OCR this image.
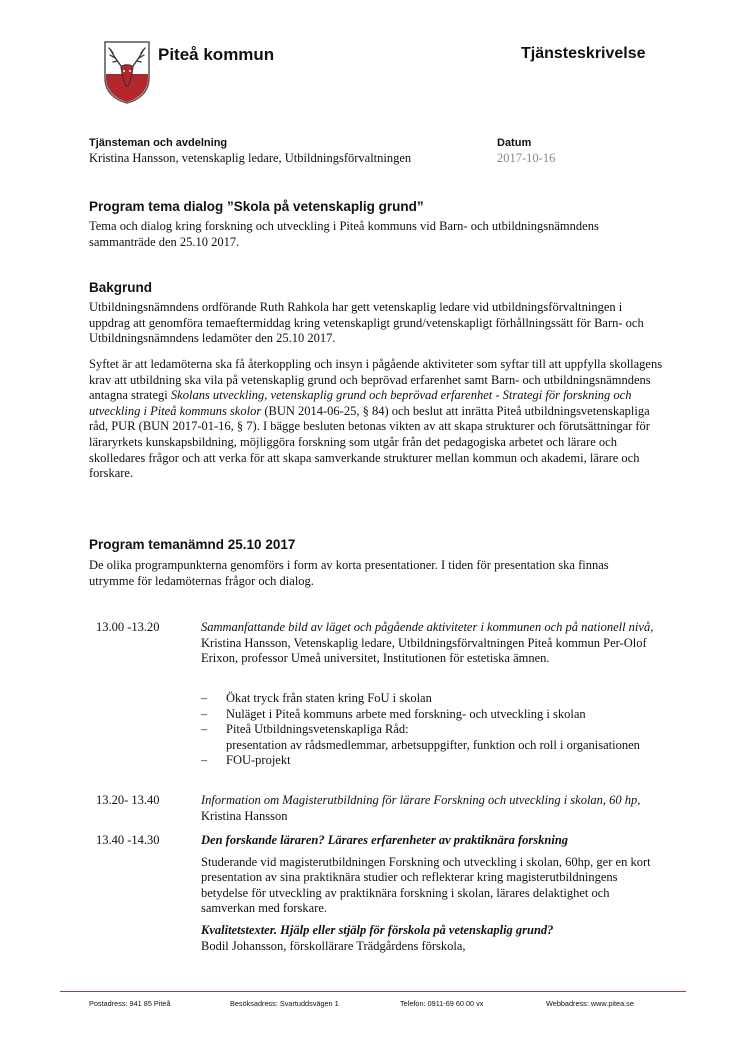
Piteå kommun	Tjänsteskrivelse
Tjänsteman och avdelning
Kristina Hansson, vetenskaplig ledare, Utbildningsförvaltningen
Datum
2017-10-16
Program tema dialog ”Skola på vetenskaplig grund”

Tema och dialog kring forskning och utveckling i Piteå kommuns vid Barn- och utbildningsnämndens sammanträde den 25.10 2017.

Bakgrund

Utbildningsnämndens ordförande Ruth Rahkola har gett vetenskaplig ledare vid utbildningsförvaltningen i uppdrag att genomföra temaeftermiddag kring vetenskapligt grund/vetenskapligt förhållningssätt för Barn- och Utbildningsnämndens ledamöter den 25.10 2017.

Syftet är att ledamöterna ska få återkoppling och insyn i pågående aktiviteter som syftar till att uppfylla skollagens krav att utbildning ska vila på vetenskaplig grund och beprövad erfarenhet samt Barn- och utbildningsnämndens antagna strategi Skolans utveckling, vetenskaplig grund och beprövad erfarenhet - Strategi för forskning och utveckling i Piteå kommuns skolor (BUN 2014-06-25, § 84) och beslut att inrätta Piteå utbildningsvetenskapliga råd, PUR (BUN 2017-01-16, § 7). I bägge besluten betonas vikten av att skapa strukturer och förutsättningar för läraryrkets kunskapsbildning, möjliggöra forskning som utgår från det pedagogiska arbetet och lärare och skolledares frågor och att verka för att skapa samverkande strukturer mellan kommun och akademi, lärare och forskare.

Program temanämnd 25.10 2017

De olika programpunkterna genomförs i form av korta presentationer. I tiden för presentation ska finnas utrymme för ledamöternas frågor och dialog.

13.00 -13.20	Sammanfattande bild av läget och pågående aktiviteter i kommunen och på nationell nivå, Kristina Hansson, Vetenskaplig ledare, Utbildningsförvaltningen Piteå kommun Per-Olof Erixon, professor Umeå universitet, Institutionen för estetiska ämnen.

– Ökat tryck från staten kring FoU i skolan
– Nuläget i Piteå kommuns arbete med forskning- och utveckling i skolan
– Piteå Utbildningsvetenskapliga Råd:
presentation av rådsmedlemmar, arbetsuppgifter, funktion och roll i organisationen
– FOU-projekt
13.20- 13.40	Information om Magisterutbildning för lärare Forskning och utveckling i skolan, 60 hp, Kristina Hansson

13.40 -14.30	Den forskande läraren? Lärares erfarenheter av praktiknära forskning

Studerande vid magisterutbildningen Forskning och utveckling i skolan, 60hp, ger en kort presentation av sina praktiknära studier och reflekterar kring magisterutbildningens betydelse för utveckling av praktiknära forskning i skolan, lärares delaktighet och samverkan med forskare.

Kvalitetstexter. Hjälp eller stjälp för förskola på vetenskaplig grund?
Bodil Johansson, förskollärare Trädgårdens förskola,

Postadress: 941 85 Piteå	Besöksadress: Svartuddsvägen 1	Telefon: 0911-69 60 00 vx	Webbadress: www.pitea.se
